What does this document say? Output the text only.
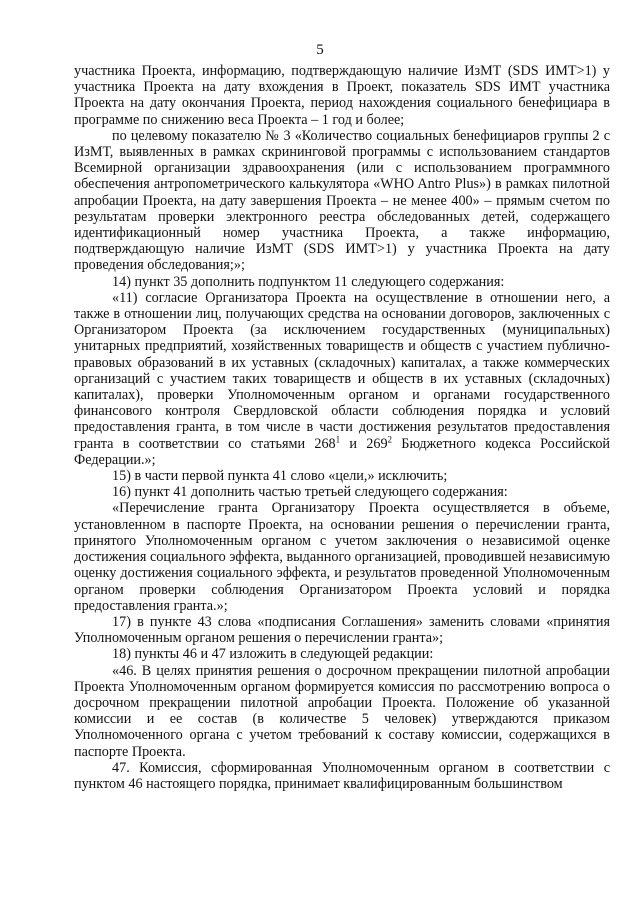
5

участника Проекта, информацию, подтверждающую наличие ИзМТ (SDS ИМТ>1) у участника Проекта на дату вхождения в Проект, показатель SDS ИМТ участника Проекта на дату окончания Проекта, период нахождения социального бенефициара в программе по снижению веса Проекта – 1 год и более;

по целевому показателю № 3 «Количество социальных бенефициаров группы 2 с ИзМТ, выявленных в рамках скрининговой программы с использованием стандартов Всемирной организации здравоохранения (или с использованием программного обеспечения антропометрического калькулятора «WHO Antro Plus») в рамках пилотной апробации Проекта, на дату завершения Проекта – не менее 400» – прямым счетом по результатам проверки электронного реестра обследованных детей, содержащего идентификационный номер участника Проекта, а также информацию, подтверждающую наличие ИзМТ (SDS ИМТ>1) у участника Проекта на дату проведения обследования;»;

14) пункт 35 дополнить подпунктом 11 следующего содержания:

«11) согласие Организатора Проекта на осуществление в отношении него, а также в отношении лиц, получающих средства на основании договоров, заключенных с Организатором Проекта (за исключением государственных (муниципальных) унитарных предприятий, хозяйственных товариществ и обществ с участием публично-правовых образований в их уставных (складочных) капиталах, а также коммерческих организаций с участием таких товариществ и обществ в их уставных (складочных) капиталах), проверки Уполномоченным органом и органами государственного финансового контроля Свердловской области соблюдения порядка и условий предоставления гранта, в том числе в части достижения результатов предоставления гранта в соответствии со статьями $268^1$ и $269^2$ Бюджетного кодекса Российской Федерации.»;

15) в части первой пункта 41 слово «цели,» исключить;

16) пункт 41 дополнить частью третьей следующего содержания:

«Перечисление гранта Организатору Проекта осуществляется в объеме, установленном в паспорте Проекта, на основании решения о перечислении гранта, принятого Уполномоченным органом с учетом заключения о независимой оценке достижения социального эффекта, выданного организацией, проводившей независимую оценку достижения социального эффекта, и результатов проведенной Уполномоченным органом проверки соблюдения Организатором Проекта условий и порядка предоставления гранта.»;

17) в пункте 43 слова «подписания Соглашения» заменить словами «принятия Уполномоченным органом решения о перечислении гранта»;

18) пункты 46 и 47 изложить в следующей редакции:

«46. В целях принятия решения о досрочном прекращении пилотной апробации Проекта Уполномоченным органом формируется комиссия по рассмотрению вопроса о досрочном прекращении пилотной апробации Проекта. Положение об указанной комиссии и ее состав (в количестве 5 человек) утверждаются приказом Уполномоченного органа с учетом требований к составу комиссии, содержащихся в паспорте Проекта.

47. Комиссия, сформированная Уполномоченным органом в соответствии с пунктом 46 настоящего порядка, принимает квалифицированным большинством
